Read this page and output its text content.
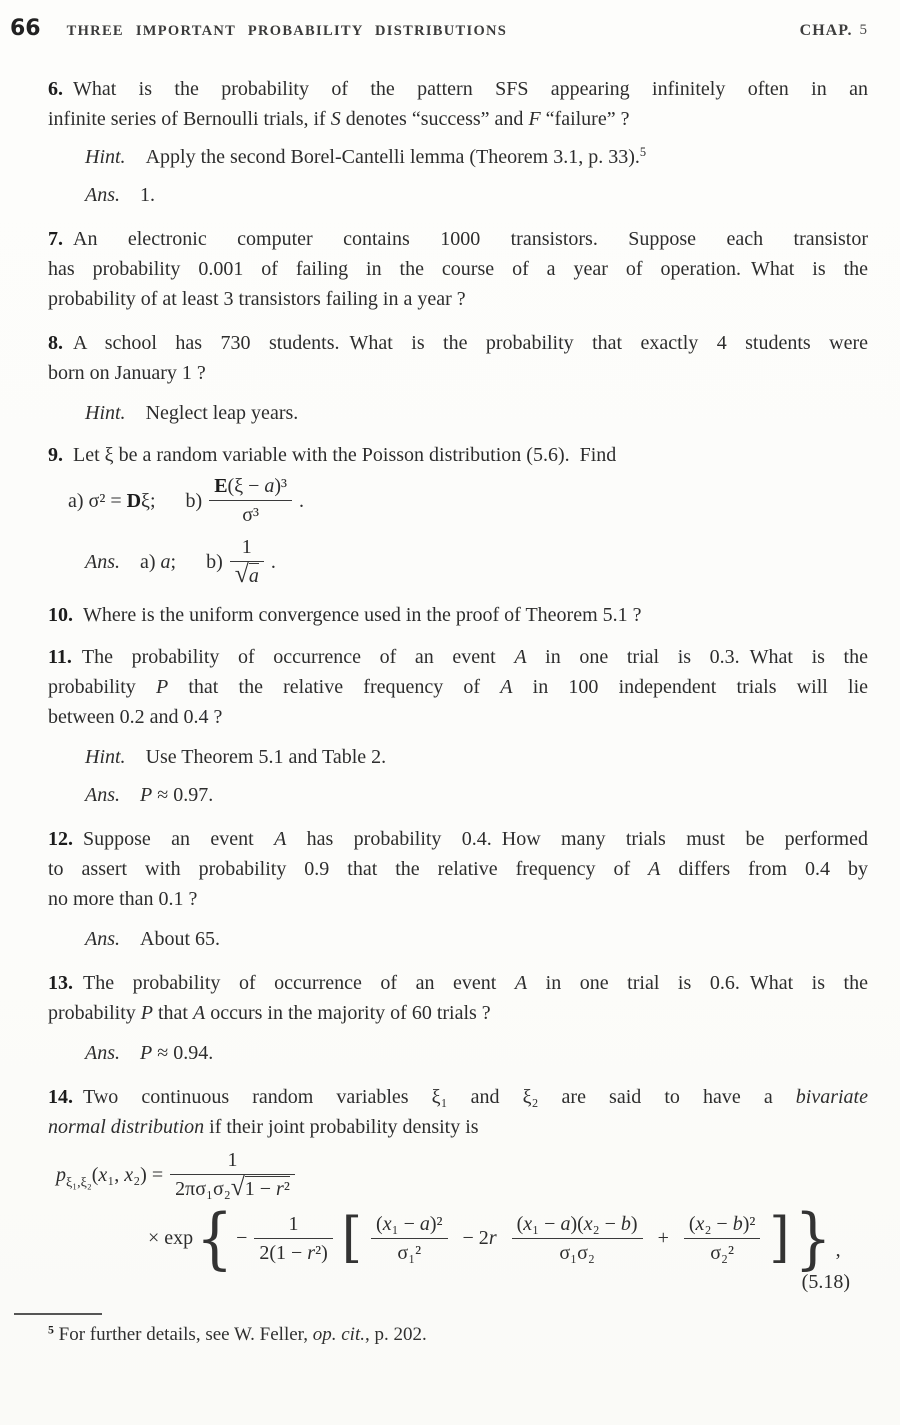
66 THREE IMPORTANT PROBABILITY DISTRIBUTIONS	CHAP. 5
6. What is the probability of the pattern SFS appearing infinitely often in an
infinite series of Bernoulli trials, if S denotes “success” and F “failure” ?
Hint. Apply the second Borel-Cantelli lemma (Theorem 3.1, p. 33).$^5$
Ans. 1.
7. An electronic computer contains 1000 transistors. Suppose each transistor
has probability 0.001 of failing in the course of a year of operation. What is the
probability of at least 3 transistors failing in a year ?
8. A school has 730 students. What is the probability that exactly 4 students were
born on January 1 ?
Hint. Neglect leap years.
9. Let ξ be a random variable with the Poisson distribution (5.6). Find
a) σ² = Dξ;  $b) \frac{\text{E(ξ − a)³}}{\text{σ³}}$ .
Ans. a) a;  $b) \frac{1}{√a}$ .
10. Where is the uniform convergence used in the proof of Theorem 5.1 ?
11. The probability of occurrence of an event A in one trial is 0.3. What is the
probability P that the relative frequency of A in 100 independent trials will lie
between 0.2 and 0.4 ?
Hint. Use Theorem 5.1 and Table 2.
Ans.  P ≈ 0.97.
12. Suppose an event A has probability 0.4. How many trials must be performed
to assert with probability 0.9 that the relative frequency of A differs from 0.4 by
no more than 0.1 ?
Ans. About 65.
13. The probability of occurrence of an event A in one trial is 0.6. What is the
probability P that A occurs in the majority of 60 trials ?
Ans.  P ≈ 0.94.
14. Two continuous random variables ξ₁ and ξ₂ are said to have a bivariate
normal distribution if their joint probability density is
$p_{\xi_1,\xi_2}(x_1$, $x_2) = \frac{1}{\text{2πσ₁σ₂√1 − r²}}$
× exp { − $\frac{1}{\text{2(1 − r²)}}$ [ $\frac{\text{(x₁ − a)²}}{\text{σ₁²}} - 2r \frac{\text{(x₁ − a)(x₂ − b)}}{\text{σ₁σ₂}} + \frac{\text{(x₂ − b)²}}{\text{σ₂²}}$ ] } ,
(5.18)
$^5$ For further details, see W. Feller, op. cit., p. 202.
